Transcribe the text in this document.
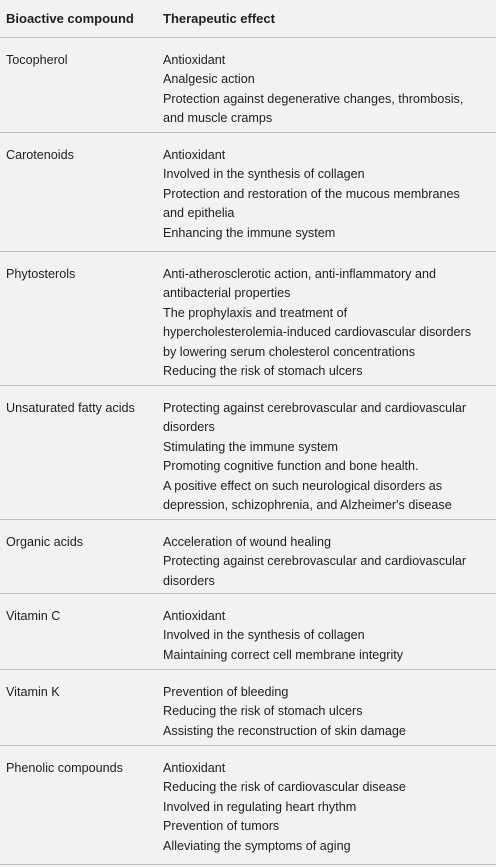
Bioactive compound	Therapeutic effect
Tocopherol	Antioxidant
Analgesic action
Protection against degenerative changes, thrombosis,
and muscle cramps
Carotenoids	Antioxidant
Involved in the synthesis of collagen
Protection and restoration of the mucous membranes
and epithelia
Enhancing the immune system
Phytosterols	Anti-atherosclerotic action, anti-inflammatory and
antibacterial properties
The prophylaxis and treatment of
hypercholesterolemia-induced cardiovascular disorders
by lowering serum cholesterol concentrations
Reducing the risk of stomach ulcers
Unsaturated fatty acids	Protecting against cerebrovascular and cardiovascular
disorders
Stimulating the immune system
Promoting cognitive function and bone health.
A positive effect on such neurological disorders as
depression, schizophrenia, and Alzheimer's disease
Organic acids	Acceleration of wound healing
Protecting against cerebrovascular and cardiovascular
disorders
Vitamin C	Antioxidant
Involved in the synthesis of collagen
Maintaining correct cell membrane integrity
Vitamin K	Prevention of bleeding
Reducing the risk of stomach ulcers
Assisting the reconstruction of skin damage
Phenolic compounds	Antioxidant
Reducing the risk of cardiovascular disease
Involved in regulating heart rhythm
Prevention of tumors
Alleviating the symptoms of aging
